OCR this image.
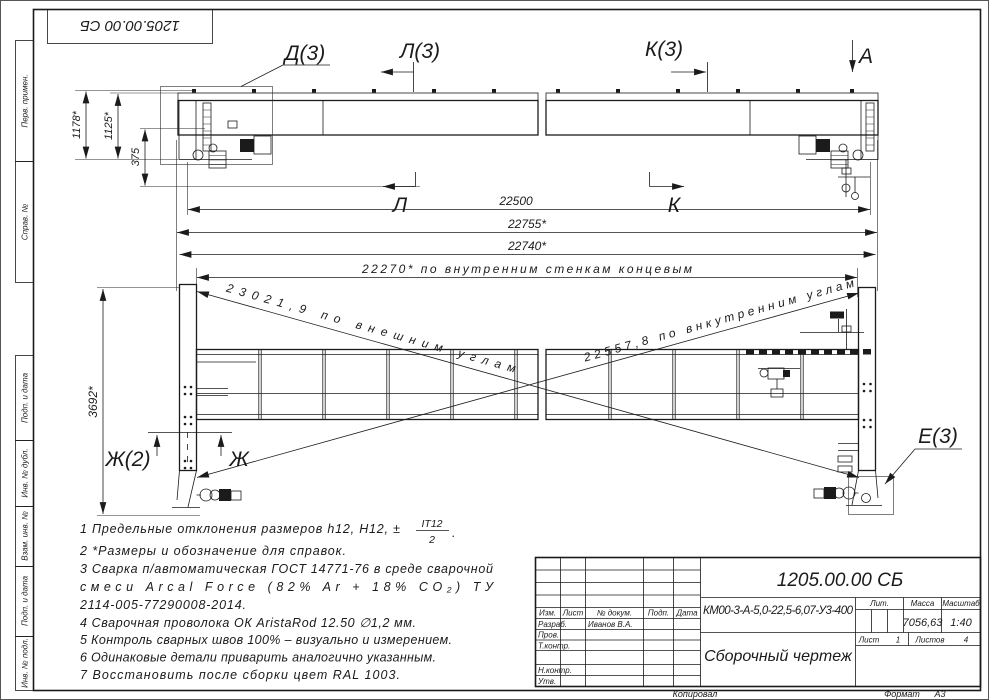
Перв. примен.
Справ. №
Подп. и дата
Инв. № дубл.
Взам. инв. №
Подп. и дата
Инв. № подл.
1205.00.00 СБ
Д(3)	Л(3)	К(3)	А
1178* 1125*
375
Л	К
22500
22755*
22740*
22270* по внутренним стенкам концевым
23021,9 по внешним углам
22557,8 по внкутренним углам
3692*
Ж(2)	Ж
Е(3)
1 Предельные отклонения размеров h12, Н12, ± IT12
2 .
2 *Размеры и обозначение для справок.
3 Сварка п/автоматическая ГОСТ 14771-76 в среде сварочной
смеси Arcal Force (82% Ar + 18% CO₂) ТУ
2114-005-77290008-2014.
4 Сварочная проволока ОК AristaRod 12.50 ∅1,2 мм.
5 Контроль сварных швов 100% – визуально и измерением.
6 Одинаковые детали приварить аналогично указанным.
7 Восстановить после сборки цвет RAL 1003.
1205.00.00 СБ
КМ00-3-А-5,0-22,5-6,07-У3-400
Сборочный чертеж
Изм. Лист № докум. Подп. Дата
Разраб.	Иванов В.А.
Пров.
Т.контр.
Н.контр.
Утв.
Лит.	Масса Масштаб
7056,63 1:40
Лист 1 Листов 4
Копировал	Формат А3
